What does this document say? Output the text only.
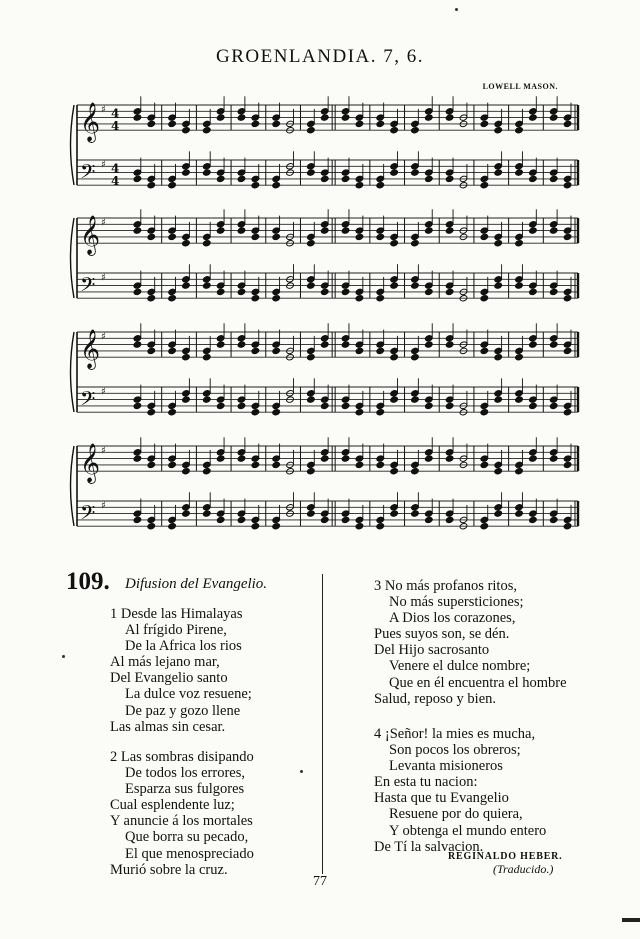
GROENLANDIA. 7, 6.
LOWELL MASON.
𝄞 ♯ 4
4
𝄢 ♯ 4
4
𝄞 ♯
𝄢 ♯
𝄞 ♯
𝄢 ♯
𝄞 ♯
𝄢 ♯
109. Difusion del Evangelio.
1 Desde las Himalayas
Al frígido Pirene,
De la Africa los rios
Al más lejano mar,
Del Evangelio santo
La dulce voz resuene;
De paz y gozo llene
Las almas sin cesar.
2 Las sombras disipando
De todos los errores,
Esparza sus fulgores
Cual esplendente luz;
Y anuncie á los mortales
Que borra su pecado,
El que menospreciado
Murió sobre la cruz.
3 No más profanos ritos,
No más supersticiones;
A Dios los corazones,
Pues suyos son, se dén.
Del Hijo sacrosanto
Venere el dulce nombre;
Que en él encuentra el hombre
Salud, reposo y bien.
4 ¡Señor! la mies es mucha,
Son pocos los obreros;
Levanta misioneros
En esta tu nacion:
Hasta que tu Evangelio
Resuene por do quiera,
Y obtenga el mundo entero
De Tí la salvacion.
REGINALDO HEBER.
(Traducido.)
77
